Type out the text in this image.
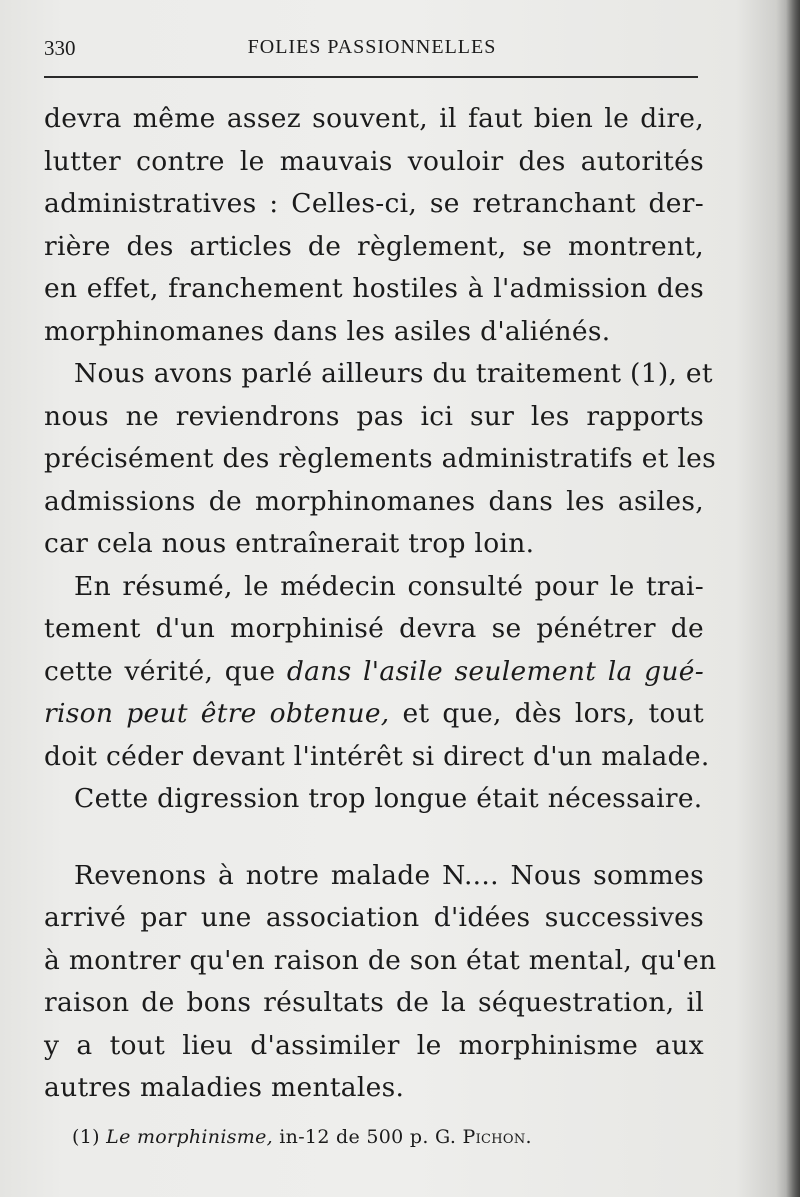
330	FOLIES PASSIONNELLES
devra même assez souvent, il faut bien le dire,
lutter contre le mauvais vouloir des autorités
administratives : Celles-ci, se retranchant der-
rière des articles de règlement, se montrent,
en effet, franchement hostiles à l'admission des
morphinomanes dans les asiles d'aliénés.
Nous avons parlé ailleurs du traitement (1), et
nous ne reviendrons pas ici sur les rapports
précisément des règlements administratifs et les
admissions de morphinomanes dans les asiles,
car cela nous entraînerait trop loin.
En résumé, le médecin consulté pour le trai-
tement d'un morphinisé devra se pénétrer de
cette vérité, que dans l'asile seulement la gué-
rison peut être obtenue, et que, dès lors, tout
doit céder devant l'intérêt si direct d'un malade.
Cette digression trop longue était nécessaire.
Revenons à notre malade N.... Nous sommes
arrivé par une association d'idées successives
à montrer qu'en raison de son état mental, qu'en
raison de bons résultats de la séquestration, il
y a tout lieu d'assimiler le morphinisme aux
autres maladies mentales.
(1) Le morphinisme, in-12 de 500 p. G. Pichon.
